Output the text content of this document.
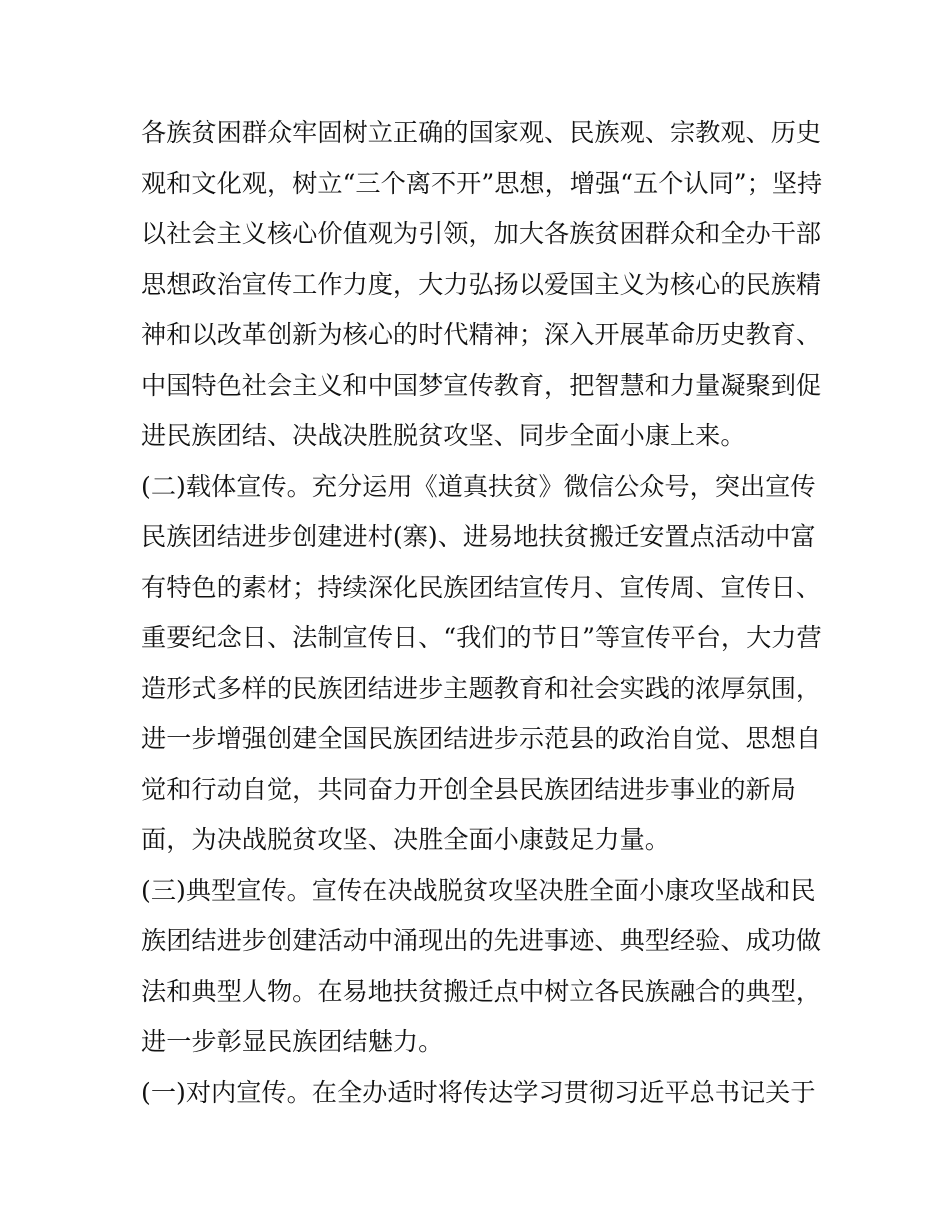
各族贫困群众牢固树立正确的国家观、民族观、宗教观、历史
观和文化观，树立“三个离不开”思想，增强“五个认同”；坚持
以社会主义核心价值观为引领，加大各族贫困群众和全办干部
思想政治宣传工作力度，大力弘扬以爱国主义为核心的民族精
神和以改革创新为核心的时代精神；深入开展革命历史教育、
中国特色社会主义和中国梦宣传教育，把智慧和力量凝聚到促
进民族团结、决战决胜脱贫攻坚、同步全面小康上来。
(二)载体宣传。充分运用《道真扶贫》微信公众号，突出宣传
民族团结进步创建进村(寨)、进易地扶贫搬迁安置点活动中富
有特色的素材；持续深化民族团结宣传月、宣传周、宣传日、
重要纪念日、法制宣传日、“我们的节日”等宣传平台，大力营
造形式多样的民族团结进步主题教育和社会实践的浓厚氛围，
进一步增强创建全国民族团结进步示范县的政治自觉、思想自
觉和行动自觉，共同奋力开创全县民族团结进步事业的新局
面，为决战脱贫攻坚、决胜全面小康鼓足力量。
(三)典型宣传。宣传在决战脱贫攻坚决胜全面小康攻坚战和民
族团结进步创建活动中涌现出的先进事迹、典型经验、成功做
法和典型人物。在易地扶贫搬迁点中树立各民族融合的典型，
进一步彰显民族团结魅力。
(一)对内宣传。在全办适时将传达学习贯彻习近平总书记关于
